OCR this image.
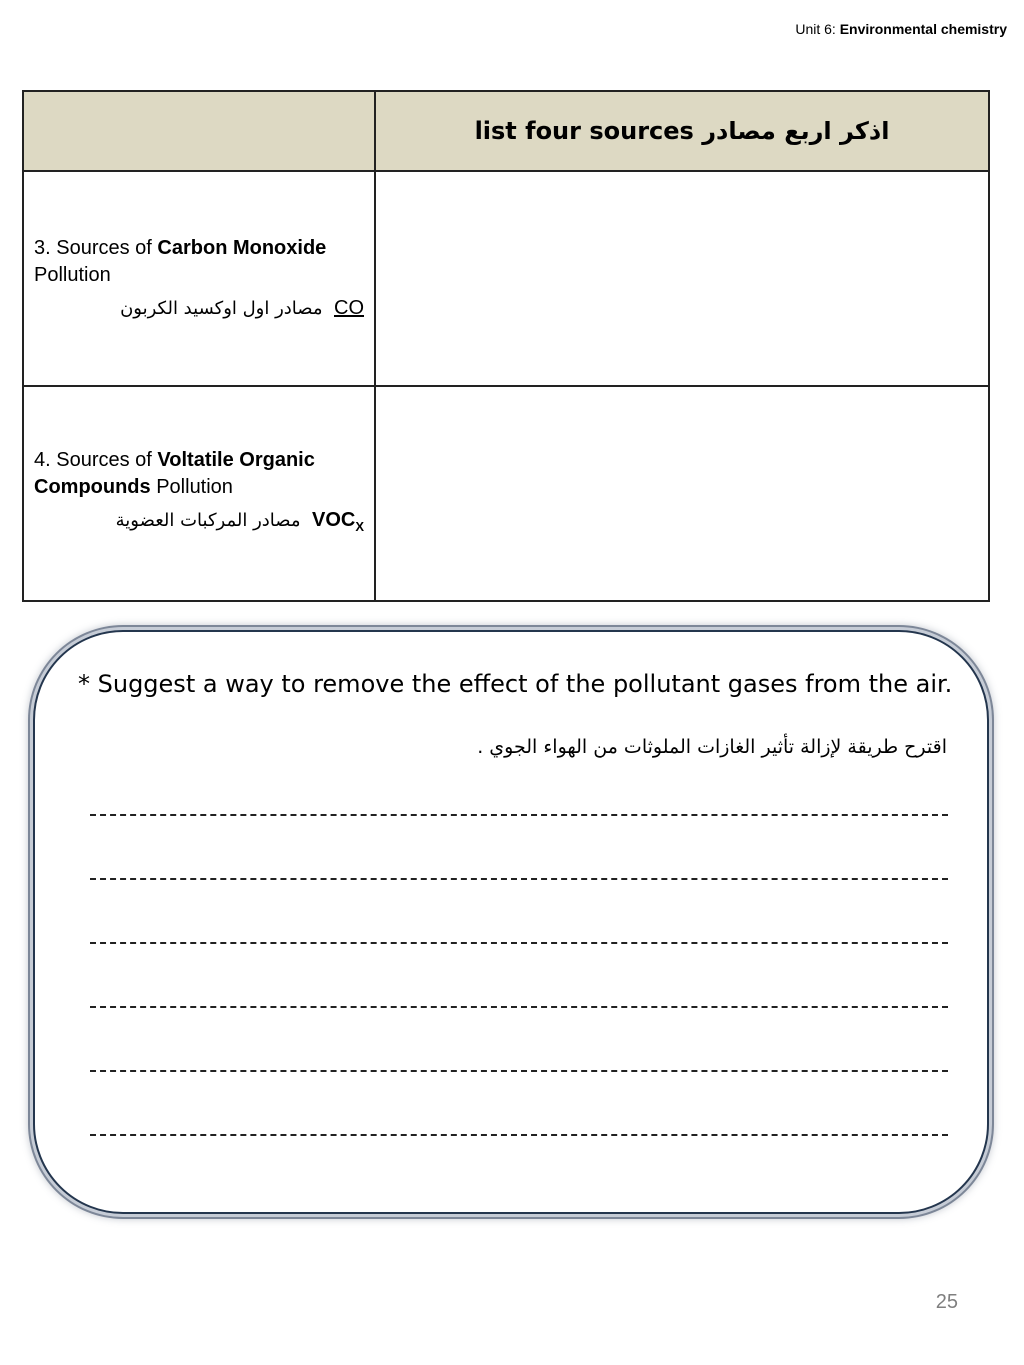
Unit 6: Environmental chemistry
	list four sources اذكر اربع مصادر

3. Sources of Carbon Monoxide Pollution
مصادر اول اوكسيد الكربون CO	

4. Sources of Voltatile Organic Compounds Pollution
مصادر المركبات العضوية $VOC_X$

* Suggest a way to remove the effect of the pollutant gases from the air.
اقترح طريقة لإزالة تأثير الغازات الملوثات من الهواء الجوي .
25
